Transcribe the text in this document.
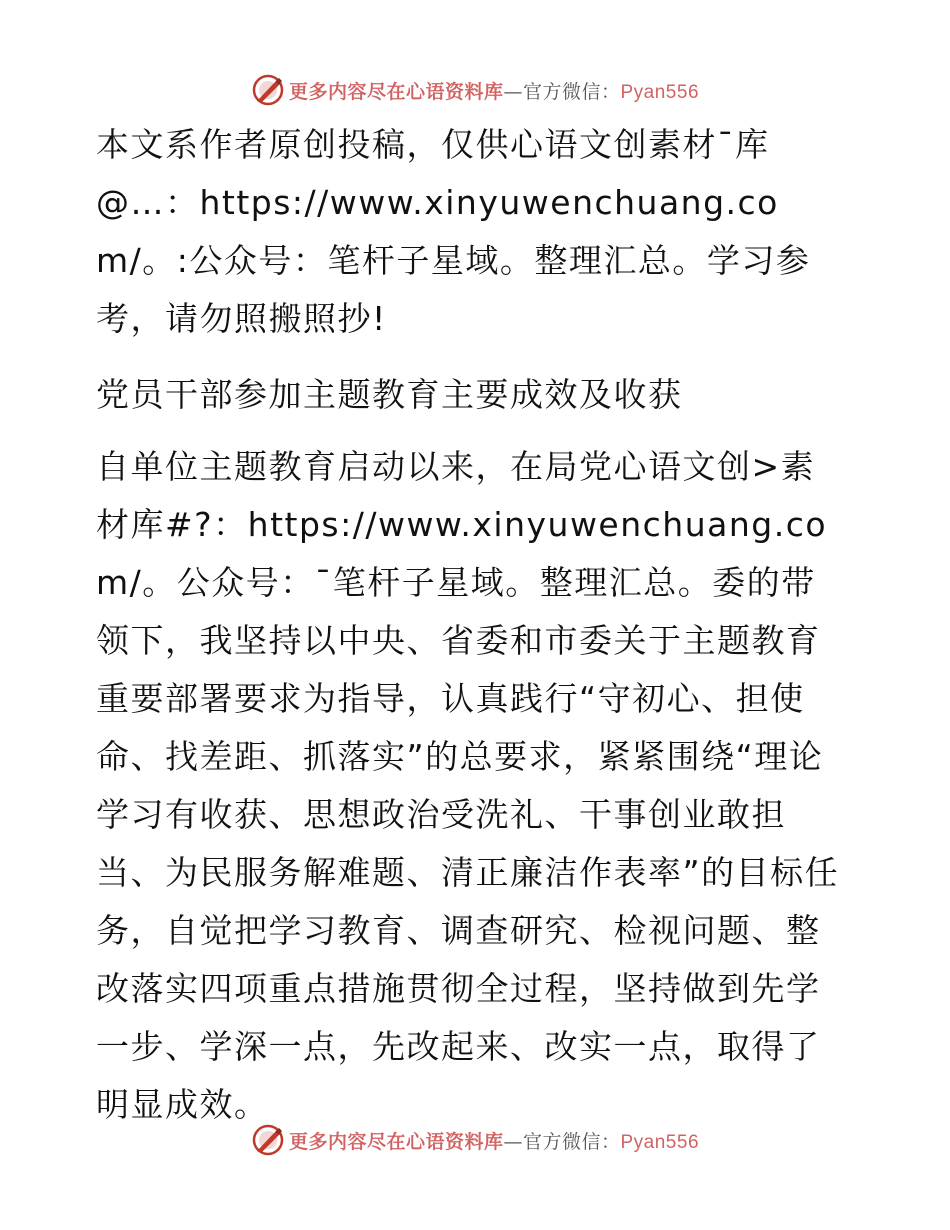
更多内容尽在心语资料库—官方微信：Pyan556

本文系作者原创投稿，仅供心语文创素材¯库@…：https://www.xinyuwenchuang.com/。:公众号：笔杆子星域。整理汇总。学习参考，请勿照搬照抄!

党员干部参加主题教育主要成效及收获

自单位主题教育启动以来，在局党心语文创>素材库#?：https://www.xinyuwenchuang.com/。公众号：¯笔杆子星域。整理汇总。委的带领下，我坚持以中央、省委和市委关于主题教育重要部署要求为指导，认真践行“守初心、担使命、找差距、抓落实”的总要求，紧紧围绕“理论学习有收获、思想政治受洗礼、干事创业敢担当、为民服务解难题、清正廉洁作表率”的目标任务，自觉把学习教育、调查研究、检视问题、整改落实四项重点措施贯彻全过程，坚持做到先学一步、学深一点，先改起来、改实一点，取得了明显成效。

更多内容尽在心语资料库—官方微信：Pyan556
